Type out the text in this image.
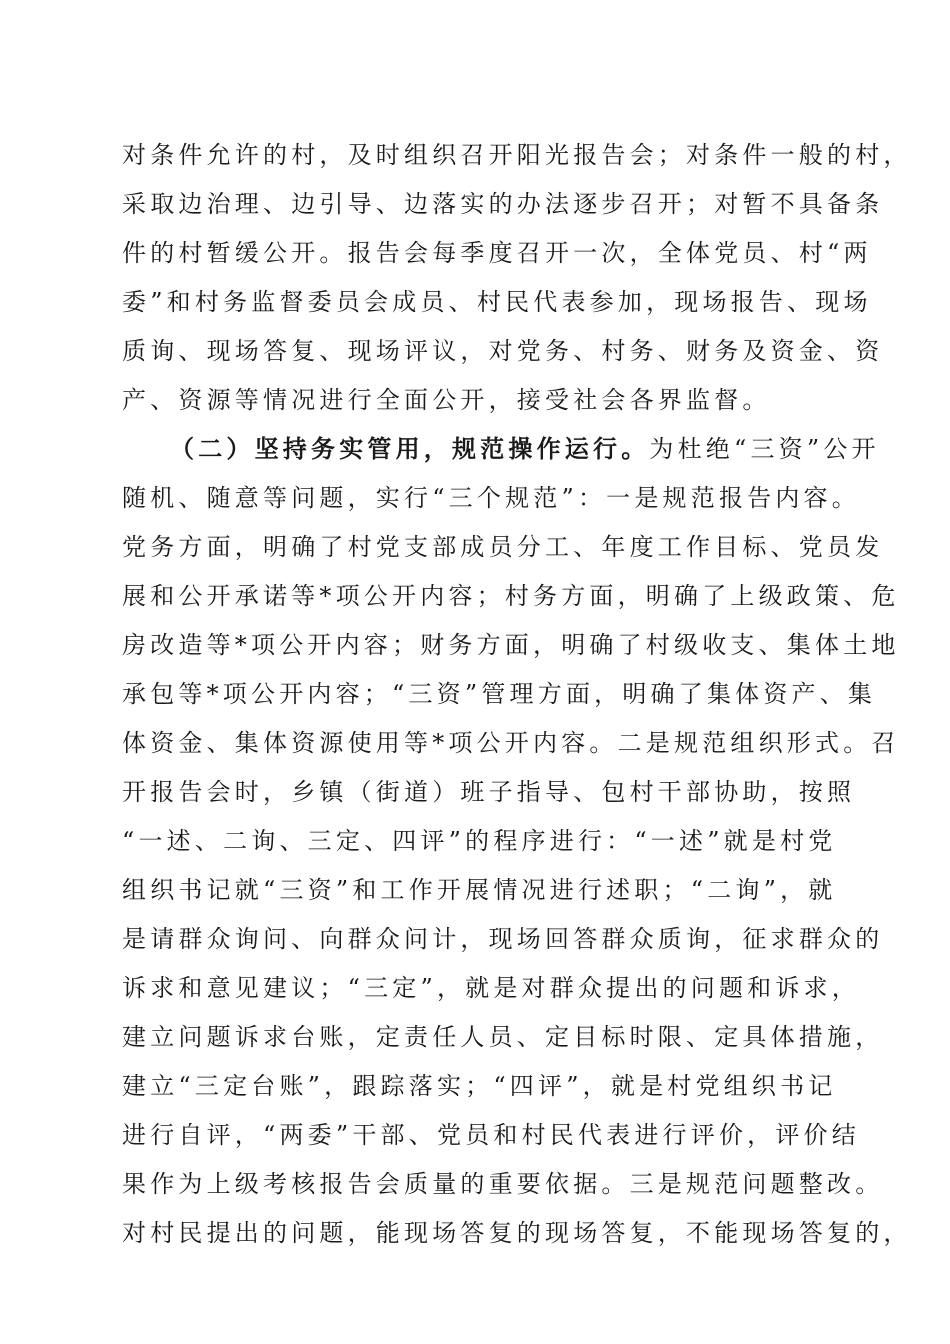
对条件允许的村，及时组织召开阳光报告会；对条件一般的村，
采取边治理、边引导、边落实的办法逐步召开；对暂不具备条
件的村暂缓公开。报告会每季度召开一次，全体党员、村“两
委”和村务监督委员会成员、村民代表参加，现场报告、现场
质询、现场答复、现场评议，对党务、村务、财务及资金、资
产、资源等情况进行全面公开，接受社会各界监督。
（二）坚持务实管用，规范操作运行。为杜绝“三资”公开
随机、随意等问题，实行“三个规范”：一是规范报告内容。
党务方面，明确了村党支部成员分工、年度工作目标、党员发
展和公开承诺等*项公开内容；村务方面，明确了上级政策、危
房改造等*项公开内容；财务方面，明确了村级收支、集体土地
承包等*项公开内容；“三资”管理方面，明确了集体资产、集
体资金、集体资源使用等*项公开内容。二是规范组织形式。召
开报告会时，乡镇（街道）班子指导、包村干部协助，按照
“一述、二询、三定、四评”的程序进行：“一述”就是村党
组织书记就“三资”和工作开展情况进行述职；“二询”，就
是请群众询问、向群众问计，现场回答群众质询，征求群众的
诉求和意见建议；“三定”，就是对群众提出的问题和诉求，
建立问题诉求台账，定责任人员、定目标时限、定具体措施，
建立“三定台账”，跟踪落实；“四评”，就是村党组织书记
进行自评，“两委”干部、党员和村民代表进行评价，评价结
果作为上级考核报告会质量的重要依据。三是规范问题整改。
对村民提出的问题，能现场答复的现场答复，不能现场答复的，
